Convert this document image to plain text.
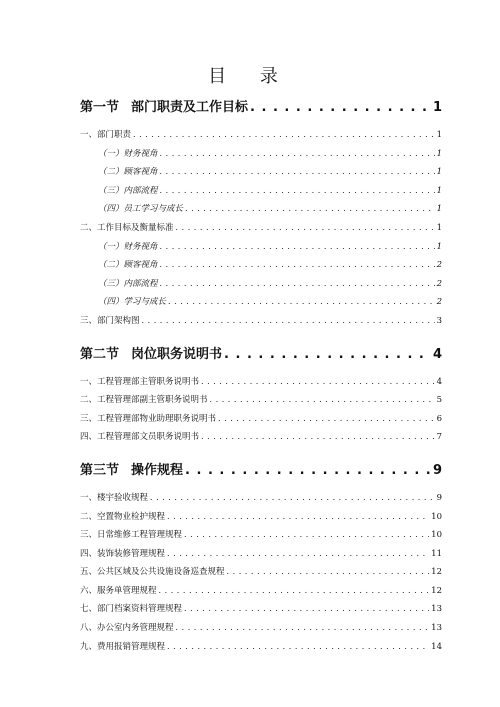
目 录
第一节 部门职责及工作目标 . . .	1
一、部门职责 . . .	1
（一）财务视角 . . .	1
（二）顾客视角 . . .	1
（三）内部流程 . . .	1
（四）员工学习与成长 . . .	1
二、工作目标及衡量标准 . . .	1
（一）财务视角 . . .	1
（二）顾客视角 . . .	2
（三）内部流程 . . .	2
（四）学习与成长 . . .	2
三、部门架构图 . . .	3
第二节 岗位职务说明书 . . .	4
一、工程管理部主管职务说明书 . . .	4
二、工程管理部副主管职务说明书 . . .	5
三、工程管理部物业助理职务说明书 . . .	6
四、工程管理部文员职务说明书 . . .	7
第三节 操作规程 . . .	9
一、楼宇验收规程 . . .	9
二、空置物业检护规程 . . .	10
三、日常维修工程管理规程 . . .	10
四、装饰装修管理规程 . . .	11
五、公共区域及公共设施设备巡查规程 . . .	12
六、服务单管理规程 . . .	12
七、部门档案资料管理规程 . . .	13
八、办公室内务管理规程 . . .	13
九、费用报销管理规程 . . .	14
